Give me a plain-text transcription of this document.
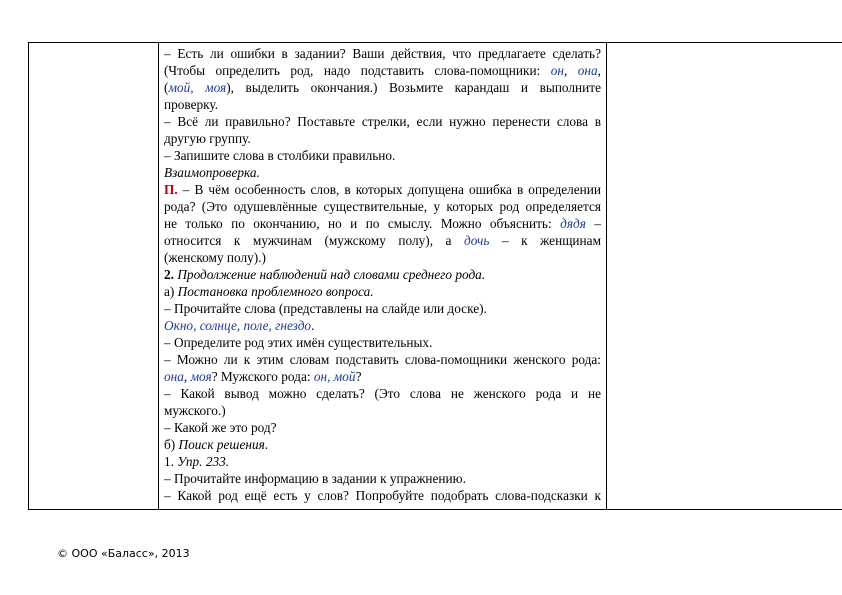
– Есть ли ошибки в задании? Ваши действия, что предлагаете сделать?
(Чтобы определить род, надо подставить слова-помощники: он, она,
(мой, моя), выделить окончания.) Возьмите карандаш и выполните
проверку.
– Всё ли правильно? Поставьте стрелки, если нужно перенести слова в
другую группу.
– Запишите слова в столбики правильно.
Взаимопроверка.
П. – В чём особенность слов, в которых допущена ошибка в определении
рода? (Это одушевлённые существительные, у которых род определяется
не только по окончанию, но и по смыслу. Можно объяснить: дядя –
относится к мужчинам (мужскому полу), а дочь – к женщинам
(женскому полу).)
2. Продолжение наблюдений над словами среднего рода.
а) Постановка проблемного вопроса.
– Прочитайте слова (представлены на слайде или доске).
Окно, солнце, поле, гнездо.
– Определите род этих имён существительных.
– Можно ли к этим словам подставить слова-помощники женского рода:
она, моя? Мужского рода: он, мой?
– Какой вывод можно сделать? (Это слова не женского рода и не
мужского.)
– Какой же это род?
б) Поиск решения.
1. Упр. 233.
– Прочитайте информацию в задании к упражнению.
– Какой род ещё есть у слов? Попробуйте подобрать слова-подсказки к
© ООО «Баласс», 2013
